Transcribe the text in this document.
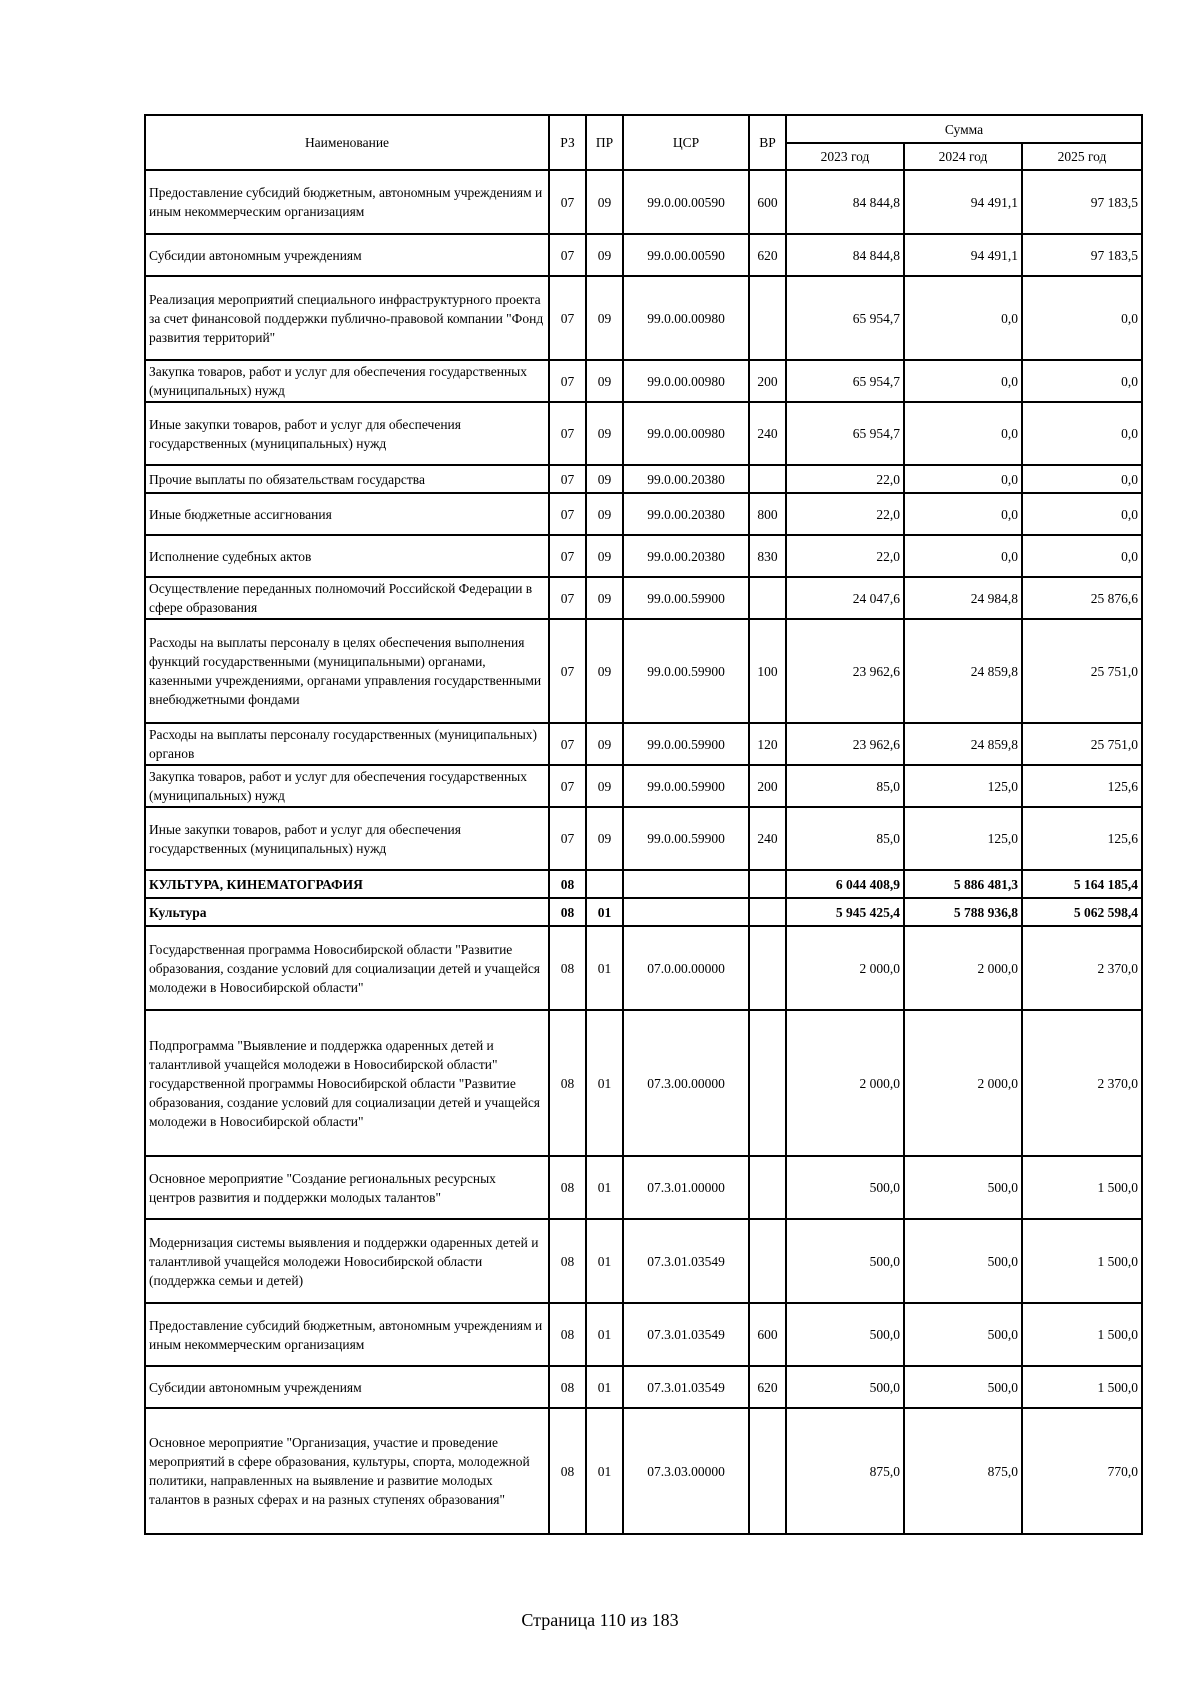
Наименование	РЗ	ПР	ЦСР	ВР	Сумма		
					2023 год	2024 год	2025 год
Предоставление субсидий бюджетным, автономным учреждениям и иным некоммерческим организациям	07	09	99.0.00.00590	600	84 844,8	94 491,1	97 183,5
Субсидии автономным учреждениям	07	09	99.0.00.00590	620	84 844,8	94 491,1	97 183,5
Реализация мероприятий специального инфраструктурного проекта за счет финансовой поддержки публично-правовой компании "Фонд развития территорий"	07	09	99.0.00.00980		65 954,7	0,0	0,0
Закупка товаров, работ и услуг для обеспечения государственных (муниципальных) нужд	07	09	99.0.00.00980	200	65 954,7	0,0	0,0
Иные закупки товаров, работ и услуг для обеспечения государственных (муниципальных) нужд	07	09	99.0.00.00980	240	65 954,7	0,0	0,0
Прочие выплаты по обязательствам государства	07	09	99.0.00.20380		22,0	0,0	0,0
Иные бюджетные ассигнования	07	09	99.0.00.20380	800	22,0	0,0	0,0
Исполнение судебных актов	07	09	99.0.00.20380	830	22,0	0,0	0,0
Осуществление переданных полномочий Российской Федерации в сфере образования	07	09	99.0.00.59900		24 047,6	24 984,8	25 876,6
Расходы на выплаты персоналу в целях обеспечения выполнения функций государственными (муниципальными) органами, казенными учреждениями, органами управления государственными внебюджетными фондами	07	09	99.0.00.59900	100	23 962,6	24 859,8	25 751,0
Расходы на выплаты персоналу государственных (муниципальных) органов	07	09	99.0.00.59900	120	23 962,6	24 859,8	25 751,0
Закупка товаров, работ и услуг для обеспечения государственных (муниципальных) нужд	07	09	99.0.00.59900	200	85,0	125,0	125,6
Иные закупки товаров, работ и услуг для обеспечения государственных (муниципальных) нужд	07	09	99.0.00.59900	240	85,0	125,0	125,6
КУЛЬТУРА, КИНЕМАТОГРАФИЯ	08				6 044 408,9	5 886 481,3	5 164 185,4
Культура	08	01			5 945 425,4	5 788 936,8	5 062 598,4
Государственная программа Новосибирской области "Развитие образования, создание условий для социализации детей и учащейся молодежи в Новосибирской области"	08	01	07.0.00.00000		2 000,0	2 000,0	2 370,0
Подпрограмма "Выявление и поддержка одаренных детей и талантливой учащейся молодежи в Новосибирской области" государственной программы Новосибирской области "Развитие образования, создание условий для социализации детей и учащейся молодежи в Новосибирской области"	08	01	07.3.00.00000		2 000,0	2 000,0	2 370,0
Основное мероприятие "Создание региональных ресурсных центров развития и поддержки молодых талантов"	08	01	07.3.01.00000		500,0	500,0	1 500,0
Модернизация системы выявления и поддержки одаренных детей и талантливой учащейся молодежи Новосибирской области (поддержка семьи и детей)	08	01	07.3.01.03549		500,0	500,0	1 500,0
Предоставление субсидий бюджетным, автономным учреждениям и иным некоммерческим организациям	08	01	07.3.01.03549	600	500,0	500,0	1 500,0
Субсидии автономным учреждениям	08	01	07.3.01.03549	620	500,0	500,0	1 500,0
Основное мероприятие "Организация, участие и проведение мероприятий в сфере образования, культуры, спорта, молодежной политики, направленных на выявление и развитие молодых талантов в разных сферах и на разных ступенях образования"	08	01	07.3.03.00000		875,0	875,0	770,0
Страница 110 из 183
